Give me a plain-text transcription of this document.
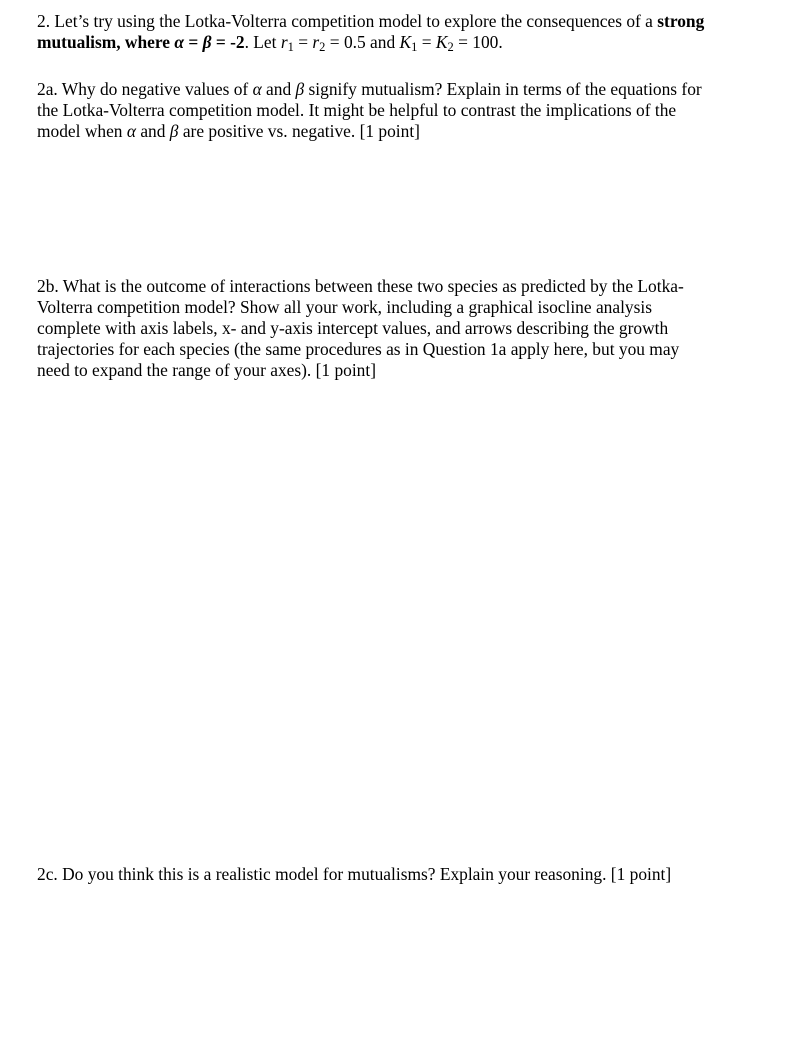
2. Let’s try using the Lotka-Volterra competition model to explore the consequences of a strong
mutualism, where α = β = -2. Let $r_1 = r_2 = 0.5$ and $K_1 = K_2 = 100$.
2a. Why do negative values of α and β signify mutualism? Explain in terms of the equations for
the Lotka-Volterra competition model. It might be helpful to contrast the implications of the
model when α and β are positive vs. negative. [1 point]
2b. What is the outcome of interactions between these two species as predicted by the Lotka-
Volterra competition model? Show all your work, including a graphical isocline analysis
complete with axis labels, x- and y-axis intercept values, and arrows describing the growth
trajectories for each species (the same procedures as in Question 1a apply here, but you may
need to expand the range of your axes). [1 point]
2c. Do you think this is a realistic model for mutualisms? Explain your reasoning. [1 point]
